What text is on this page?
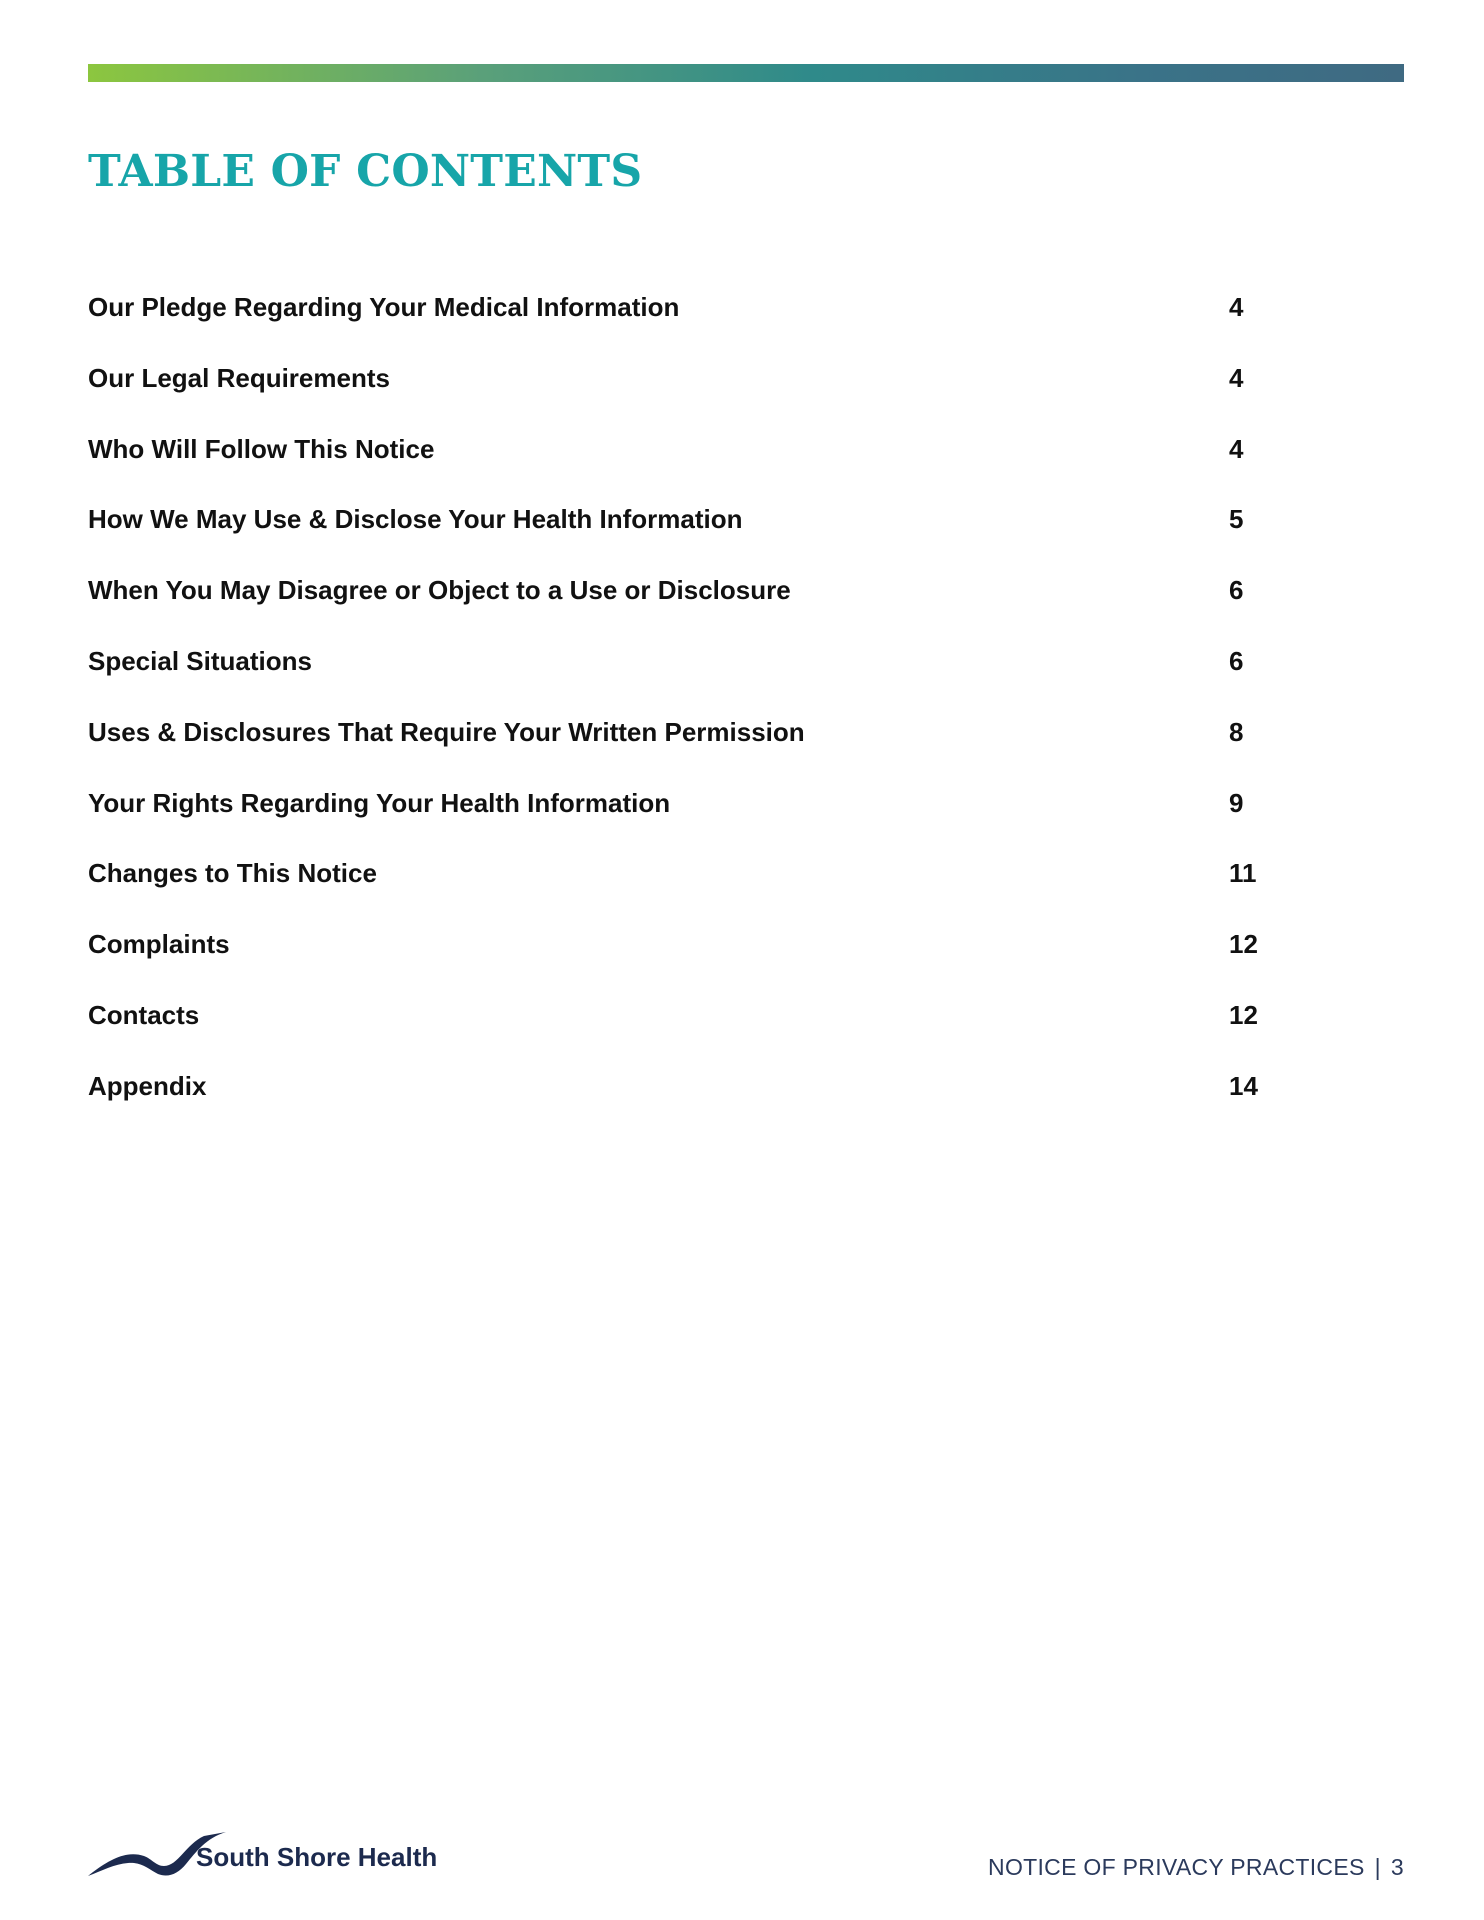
TABLE OF CONTENTS
Our Pledge Regarding Your Medical Information	4
Our Legal Requirements	4
Who Will Follow This Notice	4
How We May Use & Disclose Your Health Information	5
When You May Disagree or Object to a Use or Disclosure	6
Special Situations	6
Uses & Disclosures That Require Your Written Permission	8
Your Rights Regarding Your Health Information	9
Changes to This Notice	11
Complaints	12
Contacts	12
Appendix	14
South Shore Health	NOTICE OF PRIVACY PRACTICES | 3
